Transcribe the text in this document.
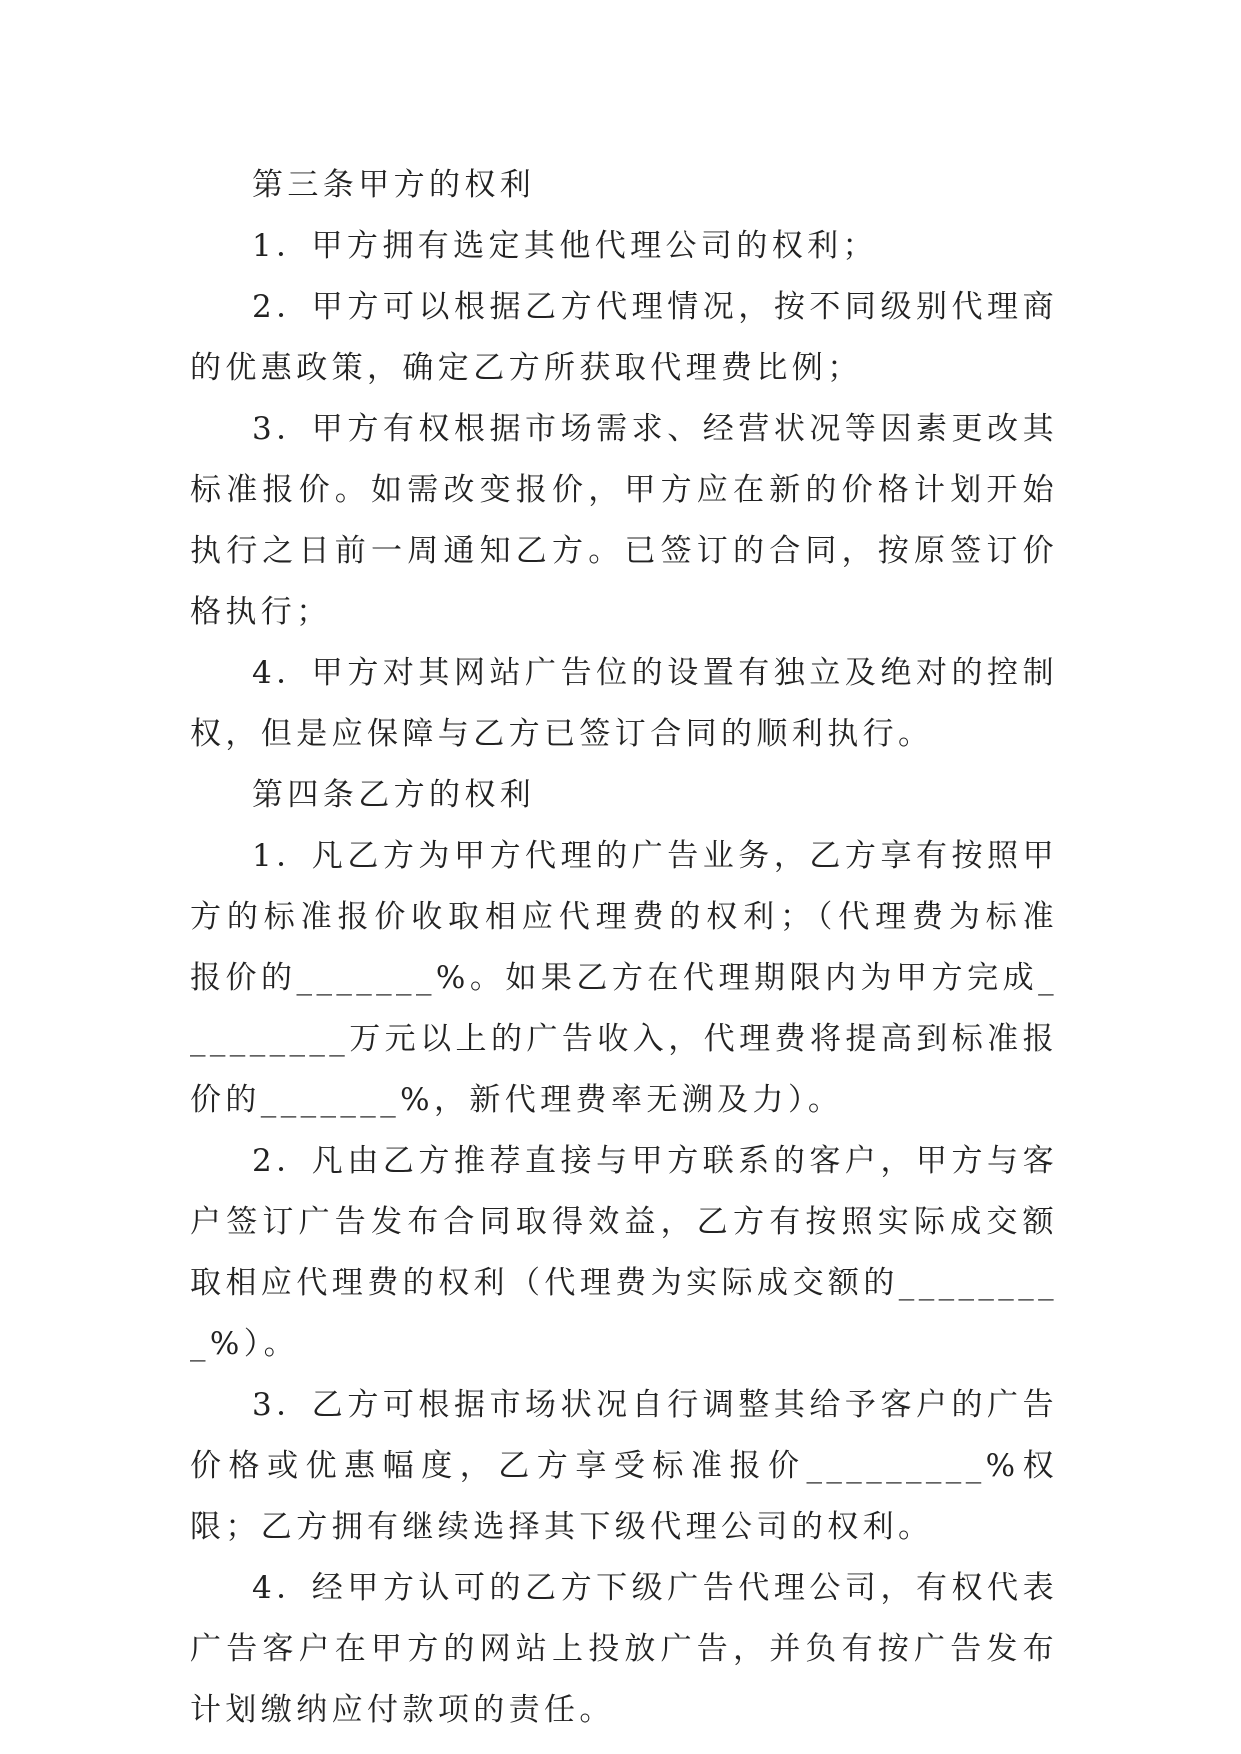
第三条甲方的权利

1．甲方拥有选定其他代理公司的权利；

2．甲方可以根据乙方代理情况，按不同级别代理商的优惠政策，确定乙方所获取代理费比例；

3．甲方有权根据市场需求、经营状况等因素更改其标准报价。如需改变报价，甲方应在新的价格计划开始执行之日前一周通知乙方。已签订的合同，按原签订价格执行；

4．甲方对其网站广告位的设置有独立及绝对的控制权，但是应保障与乙方已签订合同的顺利执行。

第四条乙方的权利

1．凡乙方为甲方代理的广告业务，乙方享有按照甲方的标准报价收取相应代理费的权利；（代理费为标准报价的_______%。如果乙方在代理期限内为甲方完成_________万元以上的广告收入，代理费将提高到标准报价的_______%，新代理费率无溯及力）。

2．凡由乙方推荐直接与甲方联系的客户，甲方与客户签订广告发布合同取得效益，乙方有按照实际成交额取相应代理费的权利（代理费为实际成交额的_________%）。

3．乙方可根据市场状况自行调整其给予客户的广告价格或优惠幅度，乙方享受标准报价_________%权限；乙方拥有继续选择其下级代理公司的权利。

4．经甲方认可的乙方下级广告代理公司，有权代表广告客户在甲方的网站上投放广告，并负有按广告发布计划缴纳应付款项的责任。
